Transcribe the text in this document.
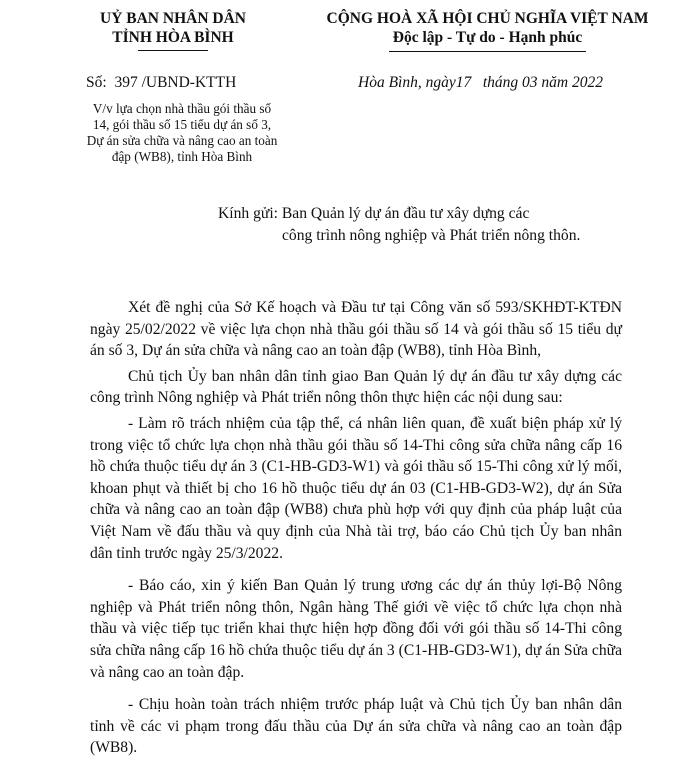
UỶ BAN NHÂN DÂN
TỈNH HÒA BÌNH
CỘNG HOÀ XÃ HỘI CHỦ NGHĨA VIỆT NAM
Độc lập - Tự do - Hạnh phúc
Số: 397 /UBND-KTTH	Hòa Bình, ngày17 tháng 03 năm 2022
V/v lựa chọn nhà thầu gói thầu số
14, gói thầu số 15 tiểu dự án số 3,
Dự án sửa chữa và nâng cao an toàn
đập (WB8), tỉnh Hòa Bình
Kính gửi: Ban Quản lý dự án đầu tư xây dựng các
công trình nông nghiệp và Phát triển nông thôn.

Xét đề nghị của Sở Kế hoạch và Đầu tư tại Công văn số 593/SKHĐT-KTĐN ngày 25/02/2022 về việc lựa chọn nhà thầu gói thầu số 14 và gói thầu số 15 tiểu dự án số 3, Dự án sửa chữa và nâng cao an toàn đập (WB8), tỉnh Hòa Bình,

Chủ tịch Ủy ban nhân dân tỉnh giao Ban Quản lý dự án đầu tư xây dựng các công trình Nông nghiệp và Phát triển nông thôn thực hiện các nội dung sau:

- Làm rõ trách nhiệm của tập thể, cá nhân liên quan, đề xuất biện pháp xử lý trong việc tổ chức lựa chọn nhà thầu gói thầu số 14-Thi công sửa chữa nâng cấp 16 hồ chứa thuộc tiểu dự án 3 (C1-HB-GD3-W1) và gói thầu số 15-Thi công xử lý mối, khoan phụt và thiết bị cho 16 hồ thuộc tiểu dự án 03 (C1-HB-GD3-W2), dự án Sửa chữa và nâng cao an toàn đập (WB8) chưa phù hợp với quy định của pháp luật của Việt Nam về đấu thầu và quy định của Nhà tài trợ, báo cáo Chủ tịch Ủy ban nhân dân tỉnh trước ngày 25/3/2022.

- Báo cáo, xin ý kiến Ban Quản lý trung ương các dự án thủy lợi-Bộ Nông nghiệp và Phát triển nông thôn, Ngân hàng Thế giới về việc tổ chức lựa chọn nhà thầu và việc tiếp tục triển khai thực hiện hợp đồng đối với gói thầu số 14-Thi công sửa chữa nâng cấp 16 hồ chứa thuộc tiểu dự án 3 (C1-HB-GD3-W1), dự án Sửa chữa và nâng cao an toàn đập.

- Chịu hoàn toàn trách nhiệm trước pháp luật và Chủ tịch Ủy ban nhân dân tỉnh về các vi phạm trong đấu thầu của Dự án sửa chữa và nâng cao an toàn đập (WB8).
